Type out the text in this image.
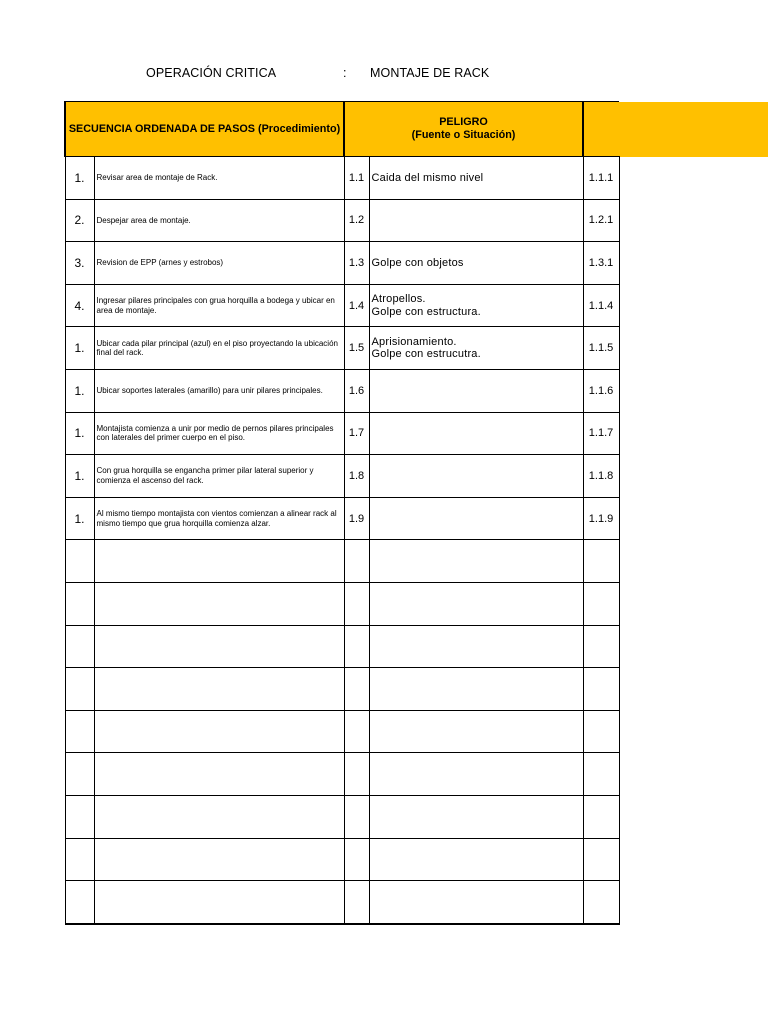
OPERACIÓN CRITICA	: MONTAJE DE RACK
SECUENCIA ORDENADA DE PASOS (Procedimiento)		PELIGRO
(Fuente o Situación)		

1.	Revisar area de montaje de Rack.	1.1	Caida del mismo nivel	1.1.1
2.	Despejar area de montaje.	1.2		1.2.1
3.	Revision de EPP (arnes y estrobos)	1.3	Golpe con objetos	1.3.1
4.	Ingresar pilares principales con grua horquilla a bodega y ubicar en area de montaje.	1.4	Atropellos.
Golpe con estructura.	1.1.4
1.	Ubicar cada pilar principal (azul) en el piso proyectando la ubicación final del rack.	1.5	Aprisionamiento.
Golpe con estrucutra.	1.1.5
1.	Ubicar soportes laterales (amarillo) para unir pilares principales.	1.6		1.1.6
1.	Montajista comienza a unir por medio de pernos pilares principales con laterales del primer cuerpo en el piso.	1.7		1.1.7
1.	Con grua horquilla se engancha primer pilar lateral superior y comienza el ascenso del rack.	1.8		1.1.8
1.	Al mismo tiempo montajista con vientos comienzan a alinear rack al mismo tiempo que grua horquilla comienza alzar.	1.9		1.1.9
